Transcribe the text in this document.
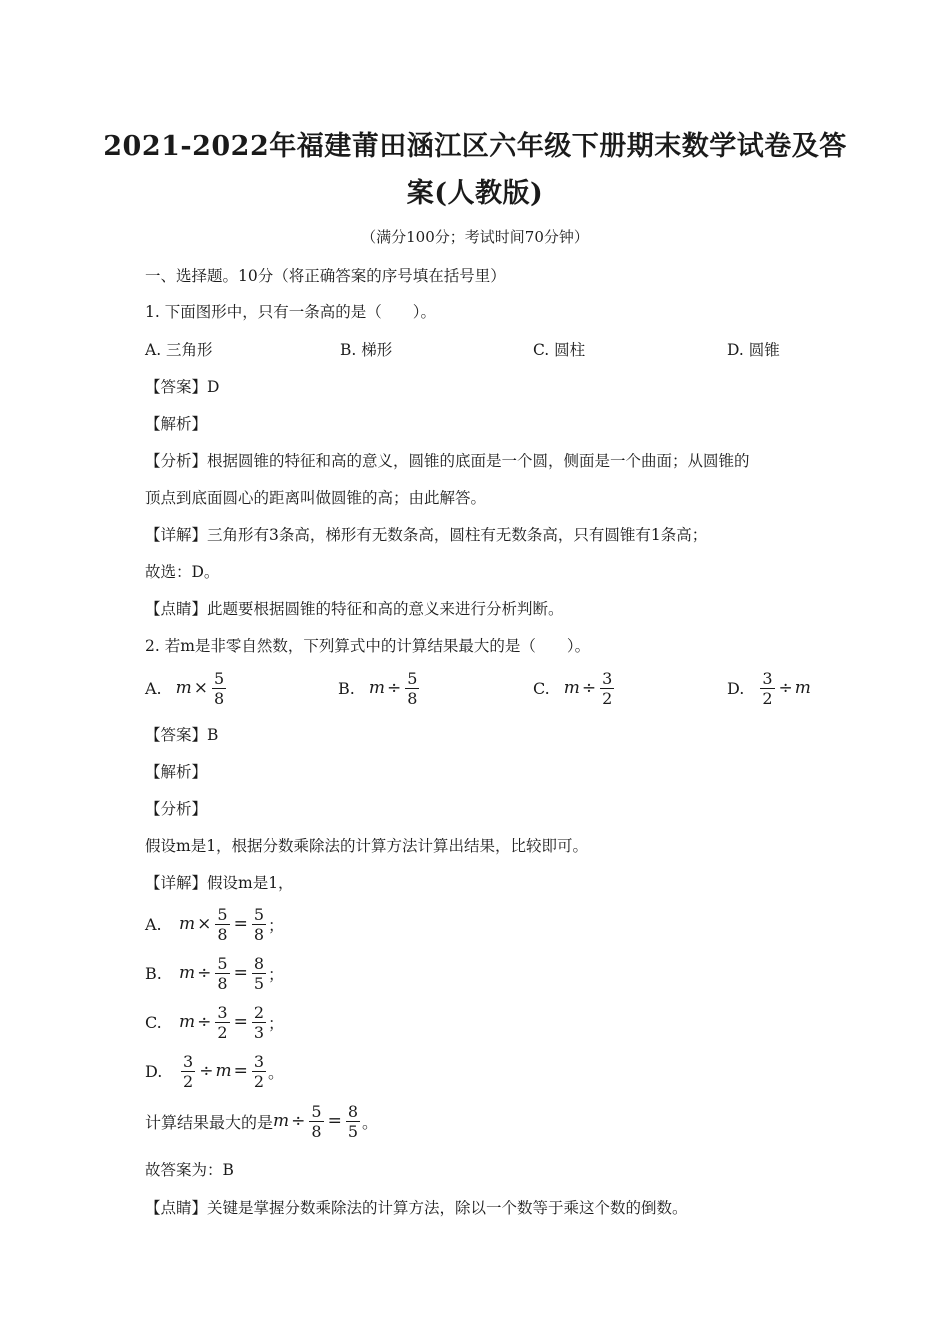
2021-2022年福建莆田涵江区六年级下册期末数学试卷及答
案(人教版)
（满分100分；考试时间70分钟）
一、选择题。10分（将正确答案的序号填在括号里）
1. 下面图形中，只有一条高的是（　　）。
A. 三角形	B. 梯形	C. 圆柱	D. 圆锥
【答案】D
【解析】
【分析】根据圆锥的特征和高的意义，圆锥的底面是一个圆，侧面是一个曲面；从圆锥的
顶点到底面圆心的距离叫做圆锥的高；由此解答。
【详解】三角形有3条高，梯形有无数条高，圆柱有无数条高，只有圆锥有1条高；
故选：D。
【点睛】此题要根据圆锥的特征和高的意义来进行分析判断。
2. 若m是非零自然数，下列算式中的计算结果最大的是（　　）。
A. $m \times \frac{5}{8}$	B. $m \div \frac{5}{8}$	C. $m \div \frac{3}{2}$	D. $\frac{3}{2} \div m$
【答案】B
【解析】
【分析】
假设m是1，根据分数乘除法的计算方法计算出结果，比较即可。
【详解】假设m是1，
A.	$m \times \frac{5}{8} = \frac{5}{8}$ ；
B.	$m \div \frac{5}{8} = \frac{8}{5}$ ；
C.	$m \div \frac{3}{2} = \frac{2}{3}$ ；
D.	$\frac{3}{2} \div m = \frac{3}{2}$ 。
计算结果最大的是 $m \div \frac{5}{8} = \frac{8}{5}$ 。
故答案为：B
【点睛】关键是掌握分数乘除法的计算方法，除以一个数等于乘这个数的倒数。
